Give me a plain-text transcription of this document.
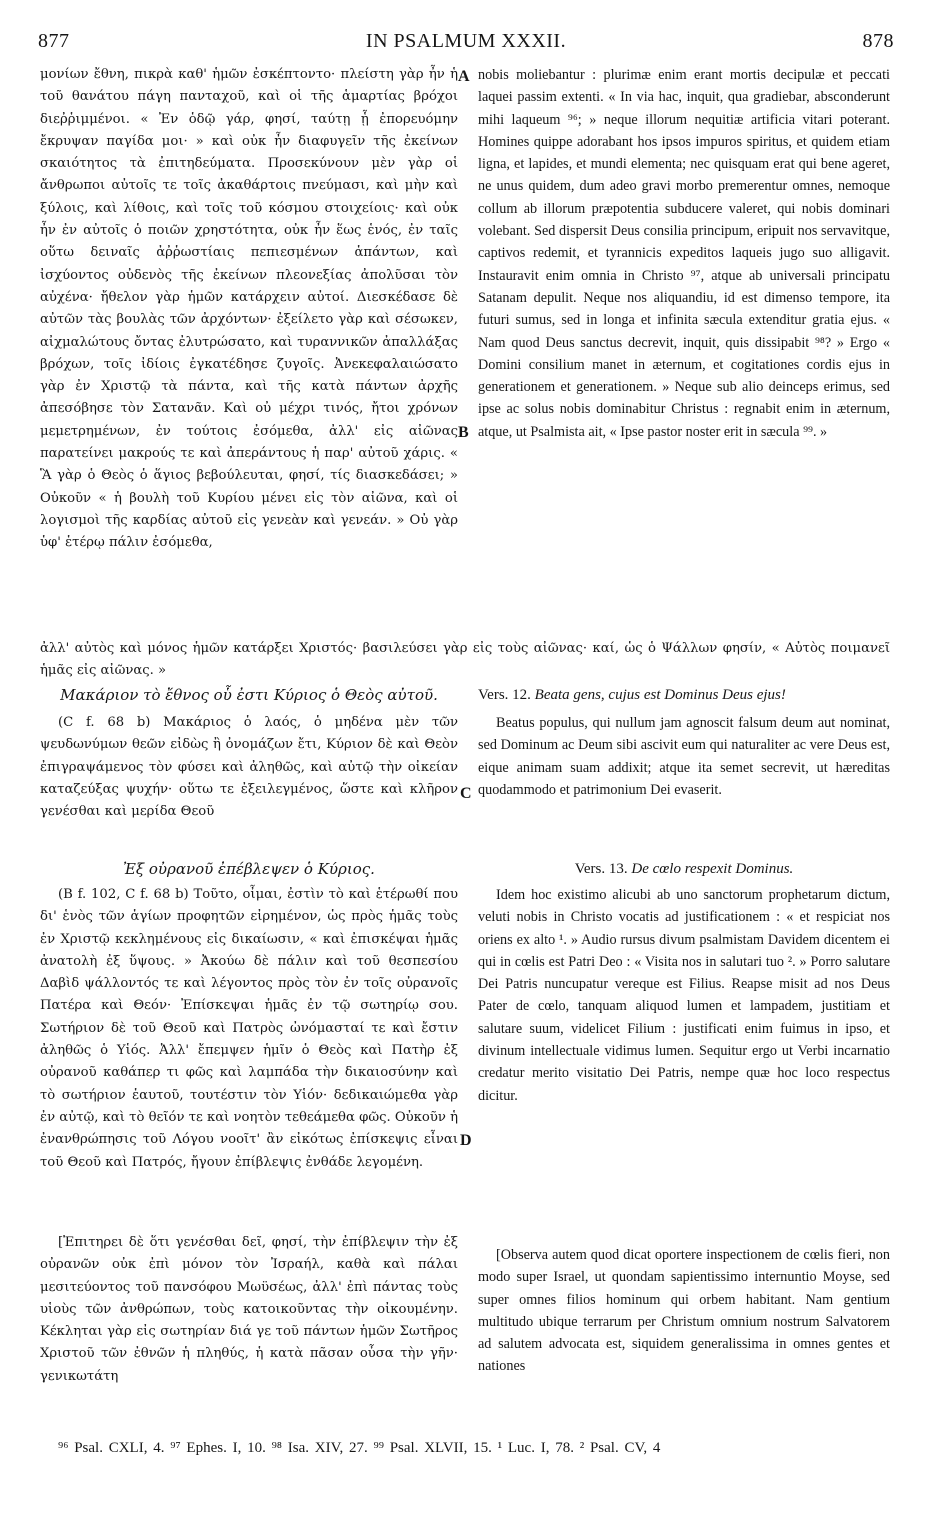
877	IN PSALMUM XXXII.	878

μονίων ἔθνη, πικρὰ καθ' ἡμῶν ἐσκέπτοντο· πλείστη γὰρ ἦν ἡ τοῦ θανάτου πάγη πανταχοῦ, καὶ οἱ τῆς ἁμαρτίας βρόχοι διεῤῥιμμένοι. « Ἐν ὁδῷ γάρ, φησί, ταύτῃ ᾗ ἐπορευόμην ἔκρυψαν παγίδα μοι· » καὶ οὐκ ἦν διαφυγεῖν τῆς ἐκείνων σκαιότητος τὰ ἐπιτηδεύματα. Προσεκύνουν μὲν γὰρ οἱ ἄνθρωποι αὐτοῖς τε τοῖς ἀκαθάρτοις πνεύμασι, καὶ μὴν καὶ ξύλοις, καὶ λίθοις, καὶ τοῖς τοῦ κόσμου στοιχείοις· καὶ οὐκ ἦν ἐν αὐτοῖς ὁ ποιῶν χρηστότητα, οὐκ ἦν ἕως ἑνός, ἐν ταῖς οὕτω δειναῖς ἀῤῥωστίαις πεπιεσμένων ἁπάντων, καὶ ἰσχύοντος οὐδενὸς τῆς ἐκείνων πλεονεξίας ἀπολῦσαι τὸν αὐχένα· ἤθελον γὰρ ἡμῶν κατάρχειν αὐτοί. Διεσκέδασε δὲ αὐτῶν τὰς βουλὰς τῶν ἀρχόντων· ἐξείλετο γὰρ καὶ σέσωκεν, αἰχμαλώτους ὄντας ἐλυτρώσατο, καὶ τυραννικῶν ἀπαλλάξας βρόχων, τοῖς ἰδίοις ἐγκατέδησε ζυγοῖς. Ἀνεκεφαλαιώσατο γὰρ ἐν Χριστῷ τὰ πάντα, καὶ τῆς κατὰ πάντων ἀρχῆς ἀπεσόβησε τὸν Σατανᾶν. Καὶ οὐ μέχρι τινός, ἤτοι χρόνων μεμετρημένων, ἐν τούτοις ἐσόμεθα, ἀλλ' εἰς αἰῶνας παρατείνει μακρούς τε καὶ ἀπεράντους ἡ παρ' αὐτοῦ χάρις. « Ἃ γὰρ ὁ Θεὸς ὁ ἅγιος βεβούλευται, φησί, τίς διασκεδάσει; » Οὐκοῦν « ἡ βουλὴ τοῦ Κυρίου μένει εἰς τὸν αἰῶνα, καὶ οἱ λογισμοὶ τῆς καρδίας αὐτοῦ εἰς γενεὰν καὶ γενεάν. » Οὐ γὰρ ὑφ' ἑτέρῳ πάλιν ἐσόμεθα,

nobis moliebantur : plurimæ enim erant mortis decipulæ et peccati laquei passim extenti. « In via hac, inquit, qua gradiebar, absconderunt mihi laqueum ⁹⁶; » neque illorum nequitiæ artificia vitari poterant. Homines quippe adorabant hos ipsos impuros spiritus, et quidem etiam ligna, et lapides, et mundi elementa; nec quisquam erat qui bene ageret, ne unus quidem, dum adeo gravi morbo premerentur omnes, nemoque collum ab illorum præpotentia subducere valeret, qui nobis dominari volebant. Sed dispersit Deus consilia principum, eripuit nos servavitque, captivos redemit, et tyrannicis expeditos laqueis jugo suo alligavit. Instauravit enim omnia in Christo ⁹⁷, atque ab universali principatu Satanam depulit. Neque nos aliquandiu, id est dimenso tempore, ita futuri sumus, sed in longa et infinita sæcula extenditur gratia ejus. « Nam quod Deus sanctus decrevit, inquit, quis dissipabit ⁹⁸? » Ergo « Domini consilium manet in æternum, et cogitationes cordis ejus in generationem et generationem. » Neque sub alio deinceps erimus, sed ipse ac solus nobis dominabitur Christus : regnabit enim in æternum, atque, ut Psalmista ait, « Ipse pastor noster erit in sæcula ⁹⁹. »

ἀλλ' αὐτὸς καὶ μόνος ἡμῶν κατάρξει Χριστός· βασιλεύσει γὰρ εἰς τοὺς αἰῶνας· καί, ὡς ὁ Ψάλλων φησίν, « Αὐτὸς ποιμανεῖ ἡμᾶς εἰς αἰῶνας. »

A
B
C
D
Μακάριον τὸ ἔθνος οὗ ἐστι Κύριος ὁ Θεὸς αὐτοῦ.	Vers. 12. Beata gens, cujus est Dominus Deus ejus!

(C f. 68 b) Μακάριος ὁ λαός, ὁ μηδένα μὲν τῶν ψευδωνύμων θεῶν εἰδὼς ἢ ὀνομάζων ἔτι, Κύριον δὲ καὶ Θεὸν ἐπιγραψάμενος τὸν φύσει καὶ ἀληθῶς, καὶ αὐτῷ τὴν οἰκείαν καταζεύξας ψυχήν· οὕτω τε ἐξειλεγμένος, ὥστε καὶ κλῆρον γενέσθαι καὶ μερίδα Θεοῦ

Beatus populus, qui nullum jam agnoscit falsum deum aut nominat, sed Dominum ac Deum sibi ascivit eum qui naturaliter ac vere Deus est, eique animam suam addixit; atque ita semet secrevit, ut hæreditas quodammodo et patrimonium Dei evaserit.

Ἐξ οὐρανοῦ ἐπέβλεψεν ὁ Κύριος.	Vers. 13. De cœlo respexit Dominus.

(B f. 102, C f. 68 b) Τοῦτο, οἶμαι, ἐστὶν τὸ καὶ ἑτέρωθί που δι' ἑνὸς τῶν ἁγίων προφητῶν εἰρημένον, ὡς πρὸς ἡμᾶς τοὺς ἐν Χριστῷ κεκλημένους εἰς δικαίωσιν, « καὶ ἐπισκέψαι ἡμᾶς ἀνατολὴ ἐξ ὕψους. » Ἀκούω δὲ πάλιν καὶ τοῦ θεσπεσίου Δαβὶδ ψάλλοντός τε καὶ λέγοντος πρὸς τὸν ἐν τοῖς οὐρανοῖς Πατέρα καὶ Θεόν· Ἐπίσκεψαι ἡμᾶς ἐν τῷ σωτηρίῳ σου. Σωτήριον δὲ τοῦ Θεοῦ καὶ Πατρὸς ὠνόμασταί τε καὶ ἔστιν ἀληθῶς ὁ Υἱός. Ἀλλ' ἔπεμψεν ἡμῖν ὁ Θεὸς καὶ Πατὴρ ἐξ οὐρανοῦ καθάπερ τι φῶς καὶ λαμπάδα τὴν δικαιοσύνην καὶ τὸ σωτήριον ἑαυτοῦ, τουτέστιν τὸν Υἱόν· δεδικαιώμεθα γὰρ ἐν αὐτῷ, καὶ τὸ θεῖόν τε καὶ νοητὸν τεθεάμεθα φῶς. Οὐκοῦν ἡ ἐνανθρώπησις τοῦ Λόγου νοοῖτ' ἂν εἰκότως ἐπίσκεψις εἶναι τοῦ Θεοῦ καὶ Πατρός, ἤγουν ἐπίβλεψις ἐνθάδε λεγομένη.

Idem hoc existimo alicubi ab uno sanctorum prophetarum dictum, veluti nobis in Christo vocatis ad justificationem : « et respiciat nos oriens ex alto ¹. » Audio rursus divum psalmistam Davidem dicentem ei qui in cœlis est Patri Deo : « Visita nos in salutari tuo ². » Porro salutare Dei Patris nuncupatur vereque est Filius. Reapse misit ad nos Deus Pater de cœlo, tanquam aliquod lumen et lampadem, justitiam et salutare suum, videlicet Filium : justificati enim fuimus in ipso, et divinum intellectuale vidimus lumen. Sequitur ergo ut Verbi incarnatio credatur merito visitatio Dei Patris, nempe quæ hoc loco respectus dicitur.

[Ἐπιτηρει δὲ ὅτι γενέσθαι δεῖ, φησί, τὴν ἐπίβλεψιν τὴν ἐξ οὐρανῶν οὐκ ἐπὶ μόνον τὸν Ἰσραήλ, καθὰ καὶ πάλαι μεσιτεύοντος τοῦ πανσόφου Μωϋσέως, ἀλλ' ἐπὶ πάντας τοὺς υἱοὺς τῶν ἀνθρώπων, τοὺς κατοικοῦντας τὴν οἰκουμένην. Κέκληται γὰρ εἰς σωτηρίαν διά γε τοῦ πάντων ἡμῶν Σωτῆρος Χριστοῦ τῶν ἐθνῶν ἡ πληθύς, ἡ κατὰ πᾶσαν οὖσα τὴν γῆν· γενικωτάτη

[Observa autem quod dicat oportere inspectionem de cœlis fieri, non modo super Israel, ut quondam sapientissimo internuntio Moyse, sed super omnes filios hominum qui orbem habitant. Nam gentium multitudo ubique terrarum per Christum omnium nostrum Salvatorem ad salutem advocata est, siquidem generalissima in omnes gentes et nationes

⁹⁶ Psal. CXLI, 4. ⁹⁷ Ephes. I, 10. ⁹⁸ Isa. XIV, 27. ⁹⁹ Psal. XLVII, 15. ¹ Luc. I, 78. ² Psal. CV, 4
